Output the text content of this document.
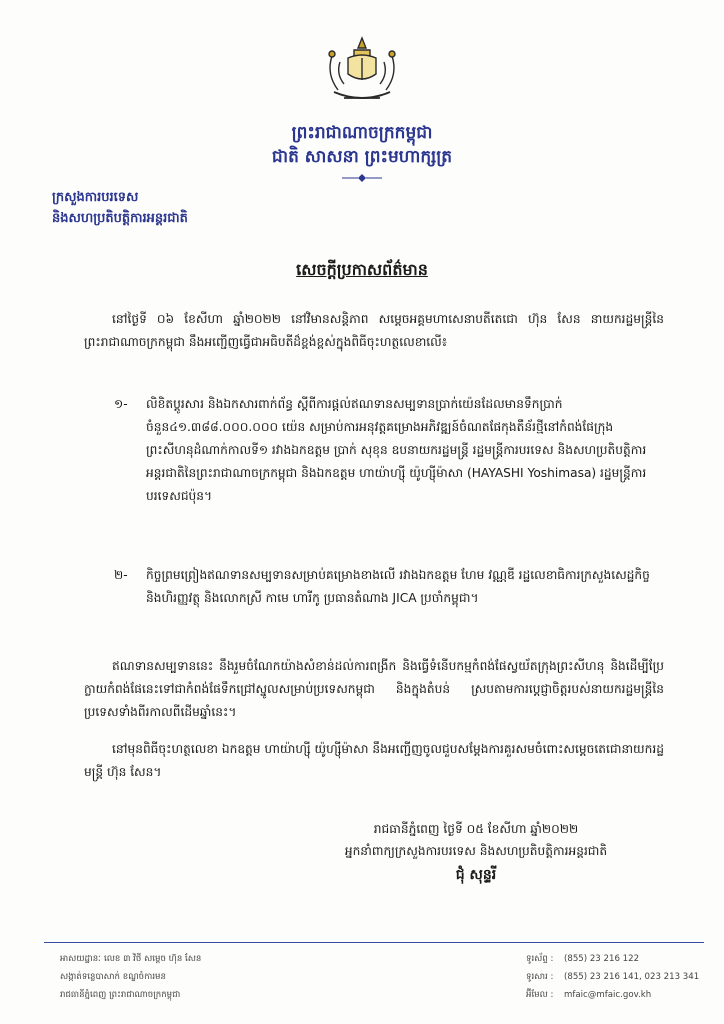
ព្រះរាជាណាចក្រកម្ពុជា
ជាតិ សាសនា ព្រះមហាក្សត្រ
ក្រសួងការបរទេស
និងសហប្រតិបត្តិការអន្តរជាតិ
សេចក្តីប្រកាសព័ត៌មាន
នៅថ្ងៃទី ០៦ ខែសីហា ឆ្នាំ២០២២ នៅវិមានសន្តិភាព សម្តេចអគ្គមហាសេនាបតីតេជោ ហ៊ុន សែន នាយករដ្ឋមន្ត្រីនៃព្រះរាជាណាចក្រកម្ពុជា នឹងអញ្ជើញធ្វើជាអធិបតីដ៏ខ្ពង់ខ្ពស់ក្នុងពិធីចុះហត្ថលេខាលើ៖
១- លិខិតប្តូរសារ និងឯកសារពាក់ព័ន្ធ ស្តីពីការផ្តល់ឥណទានសម្បទានប្រាក់យ៉េនដែលមានទឹកប្រាក់ចំនួន៤១.៣៨៨.០០០.០០០ យ៉េន សម្រាប់ការអនុវត្តគម្រោងអភិវឌ្ឍន៍ចំណតផែកុងតឺន័រថ្មីនៅកំពង់ផែក្រុងព្រះសីហនុដំណាក់កាលទី១ រវាងឯកឧត្តម ប្រាក់ សុខុន ឧបនាយករដ្ឋមន្ត្រី រដ្ឋមន្ត្រីការបរទេស និងសហប្រតិបត្តិការអន្តរជាតិនៃព្រះរាជាណាចក្រកម្ពុជា និងឯកឧត្តម ហាយ៉ាហ្ស៊ី យ៉ូហ្ស៊ីម៉ាសា (HAYASHI Yoshimasa) រដ្ឋមន្ត្រីការបរទេសជប៉ុន។
២- កិច្ចព្រមព្រៀងឥណទានសម្បទានសម្រាប់គម្រោងខាងលើ រវាងឯកឧត្តម ហែម វណ្ណឌី រដ្ឋលេខាធិការក្រសួងសេដ្ឋកិច្ច និងហិរញ្ញវត្ថុ និងលោកស្រី កាមេ ហារីកូ ប្រធានតំណាង JICA ប្រចាំកម្ពុជា។
ឥណទានសម្បទាននេះ នឹងរួមចំណែកយ៉ាងសំខាន់ដល់ការពង្រីក និងធ្វើទំនើបកម្មកំពង់ផែស្វយ័តក្រុងព្រះសីហនុ និងដើម្បីប្រែក្លាយកំពង់ផែនេះទៅជាកំពង់ផែទឹកជ្រៅស្នូលសម្រាប់ប្រទេសកម្ពុជា និងក្នុងតំបន់ ស្របតាមការប្តេជ្ញាចិត្តរបស់នាយករដ្ឋមន្ត្រីនៃប្រទេសទាំងពីរកាលពីដើមឆ្នាំនេះ។
នៅមុនពិធីចុះហត្ថលេខា ឯកឧត្តម ហាយ៉ាហ្ស៊ី យ៉ូហ្ស៊ីម៉ាសា នឹងអញ្ជើញចូលជួបសម្តែងការគួរសមចំពោះសម្តេចតេជោនាយករដ្ឋមន្ត្រី ហ៊ុន សែន។
រាជធានីភ្នំពេញ ថ្ងៃទី ០៥ ខែសីហា ឆ្នាំ២០២២
អ្នកនាំពាក្យក្រសួងការបរទេស និងសហប្រតិបត្តិការអន្តរជាតិ
ជុំ សុន្ទរី
អាសយដ្ឋានៈ លេខ ៣ វិថី សម្តេច ហ៊ុន សែន
សង្កាត់ទន្លេបាសាក់ ខណ្ឌចំការមន
រាជធានីភ្នំពេញ ព្រះរាជាណាចក្រកម្ពុជា
ទូរស័ព្ទ : (855) 23 216 122
ទូរសារ : (855) 23 216 141, 023 213 341
អ៊ីមែល : mfaic@mfaic.gov.kh
